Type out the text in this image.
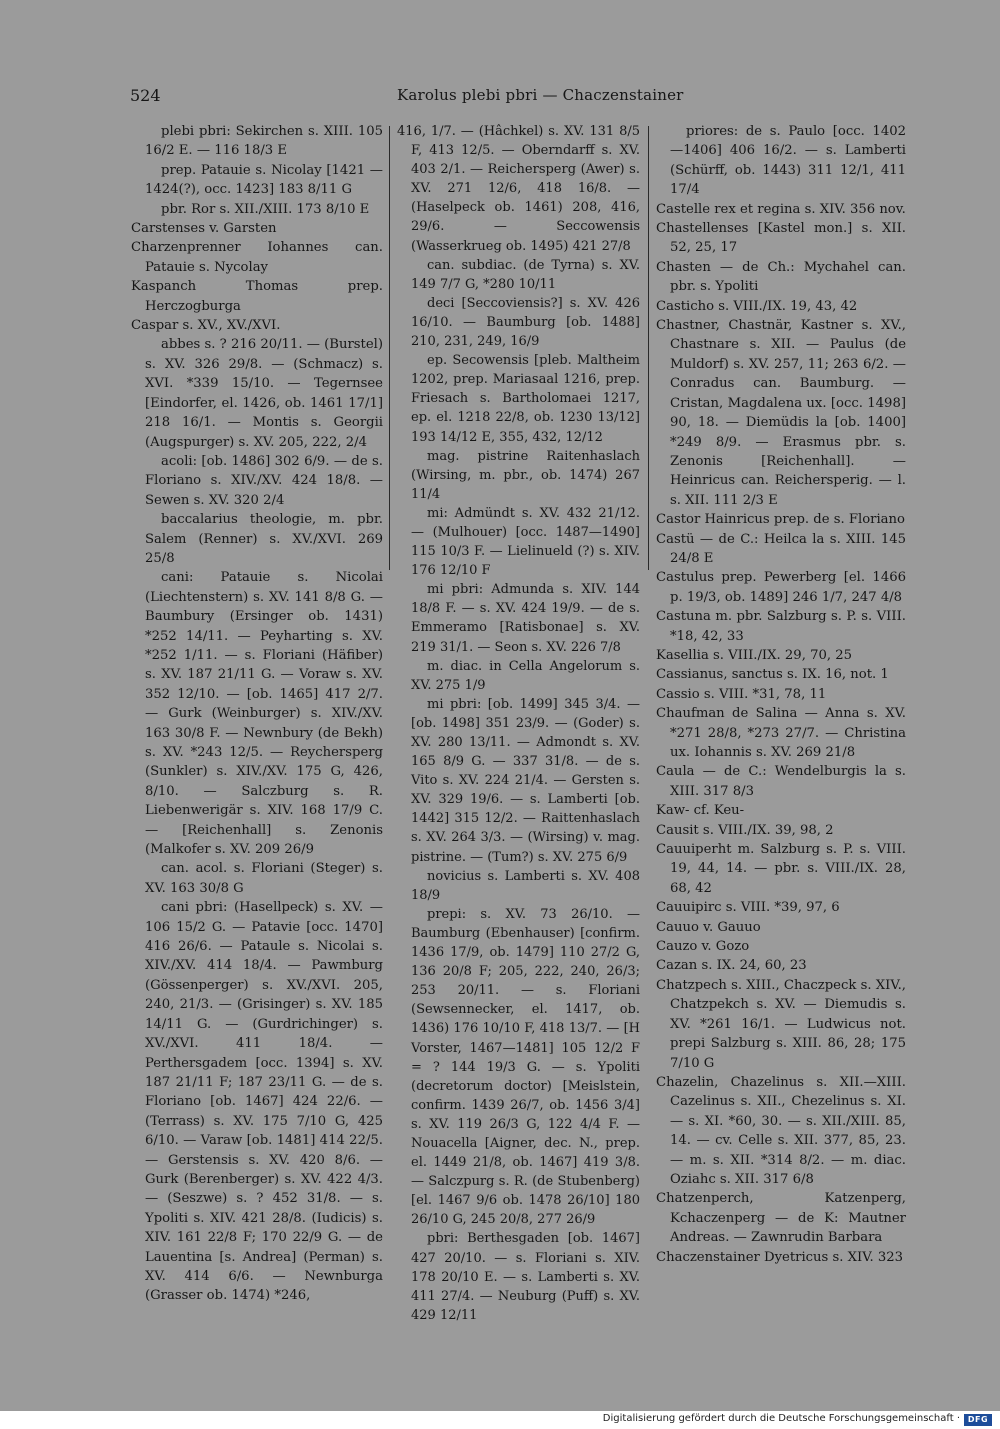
524	Karolus plebi pbri — Chaczenstainer
plebi pbri: Sekirchen s. XIII. 105 16/2 E. — 116 18/3 E
prep. Patauie s. Nicolay [1421 —1424(?), occ. 1423] 183 8/11 G
pbr. Ror s. XII./XIII. 173 8/10 E
Carstenses v. Garsten
Charzenprenner Iohannes can. Patauie s. Nycolay
Kaspanch Thomas prep. Herczogburga
Caspar s. XV., XV./XVI.
abbes s. ? 216 20/11. — (Burstel) s. XV. 326 29/8. — (Schmacz) s. XVI. *339 15/10. — Tegernsee [Eindorfer, el. 1426, ob. 1461 17/1] 218 16/1. — Montis s. Georgii (Augspurger) s. XV. 205, 222, 2/4
acoli: [ob. 1486] 302 6/9. — de s. Floriano s. XIV./XV. 424 18/8. — Sewen s. XV. 320 2/4
baccalarius theologie, m. pbr. Salem (Renner) s. XV./XVI. 269 25/8
cani: Patauie s. Nicolai (Liechtenstern) s. XV. 141 8/8 G. — Baumbury (Ersinger ob. 1431) *252 14/11. — Peyharting s. XV. *252 1/11. — s. Floriani (Häfiber) s. XV. 187 21/11 G. — Voraw s. XV. 352 12/10. — [ob. 1465] 417 2/7. — Gurk (Weinburger) s. XIV./XV. 163 30/8 F. — Newnbury (de Bekh) s. XV. *243 12/5. — Reychersperg (Sunkler) s. XIV./XV. 175 G, 426, 8/10. — Salczburg s. R. Liebenwerigär s. XIV. 168 17/9 C. — [Reichenhall] s. Zenonis (Malkofer s. XV. 209 26/9
can. acol. s. Floriani (Steger) s. XV. 163 30/8 G
cani pbri: (Hasellpeck) s. XV. — 106 15/2 G. — Patavie [occ. 1470] 416 26/6. — Pataule s. Nicolai s. XIV./XV. 414 18/4. — Pawmburg (Gössenperger) s. XV./XVI. 205, 240, 21/3. — (Grisinger) s. XV. 185 14/11 G. — (Gurdrichinger) s. XV./XVI. 411 18/4. — Perthersgadem [occ. 1394] s. XV. 187 21/11 F; 187 23/11 G. — de s. Floriano [ob. 1467] 424 22/6. — (Terrass) s. XV. 175 7/10 G, 425 6/10. — Varaw [ob. 1481] 414 22/5. — Gerstensis s. XV. 420 8/6. — Gurk (Berenberger) s. XV. 422 4/3. — (Seszwe) s. ? 452 31/8. — s. Ypoliti s. XIV. 421 28/8. (Iudicis) s. XIV. 161 22/8 F; 170 22/9 G. — de Lauentina [s. Andrea] (Perman) s. XV. 414 6/6. — Newnburga (Grasser ob. 1474) *246,
416, 1/7. — (Hâchkel) s. XV. 131 8/5 F, 413 12/5. — Oberndarff s. XV. 403 2/1. — Reichersperg (Awer) s. XV. 271 12/6, 418 16/8. — (Haselpeck ob. 1461) 208, 416, 29/6. — Seccowensis (Wasserkrueg ob. 1495) 421 27/8
can. subdiac. (de Tyrna) s. XV. 149 7/7 G, *280 10/11
deci [Seccoviensis?] s. XV. 426 16/10. — Baumburg [ob. 1488] 210, 231, 249, 16/9
ep. Secowensis [pleb. Maltheim 1202, prep. Mariasaal 1216, prep. Friesach s. Bartholomaei 1217, ep. el. 1218 22/8, ob. 1230 13/12] 193 14/12 E, 355, 432, 12/12
mag. pistrine Raitenhaslach (Wirsing, m. pbr., ob. 1474) 267 11/4
mi: Admündt s. XV. 432 21/12. — (Mulhouer) [occ. 1487—1490] 115 10/3 F. — Lielinueld (?) s. XIV. 176 12/10 F
mi pbri: Admunda s. XIV. 144 18/8 F. — s. XV. 424 19/9. — de s. Emmeramo [Ratisbonae] s. XV. 219 31/1. — Seon s. XV. 226 7/8
m. diac. in Cella Angelorum s. XV. 275 1/9
mi pbri: [ob. 1499] 345 3/4. — [ob. 1498] 351 23/9. — (Goder) s. XV. 280 13/11. — Admondt s. XV. 165 8/9 G. — 337 31/8. — de s. Vito s. XV. 224 21/4. — Gersten s. XV. 329 19/6. — s. Lamberti [ob. 1442] 315 12/2. — Raittenhaslach s. XV. 264 3/3. — (Wirsing) v. mag. pistrine. — (Tum?) s. XV. 275 6/9
novicius s. Lamberti s. XV. 408 18/9
prepi: s. XV. 73 26/10. — Baumburg (Ebenhauser) [confirm. 1436 17/9, ob. 1479] 110 27/2 G, 136 20/8 F; 205, 222, 240, 26/3; 253 20/11. — s. Floriani (Sewsennecker, el. 1417, ob. 1436) 176 10/10 F, 418 13/7. — [H Vorster, 1467—1481] 105 12/2 F = ? 144 19/3 G. — s. Ypoliti (decretorum doctor) [Meislstein, confirm. 1439 26/7, ob. 1456 3/4] s. XV. 119 26/3 G, 122 4/4 F. — Nouacella [Aigner, dec. N., prep. el. 1449 21/8, ob. 1467] 419 3/8. — Salczpurg s. R. (de Stubenberg) [el. 1467 9/6 ob. 1478 26/10] 180 26/10 G, 245 20/8, 277 26/9
pbri: Berthesgaden [ob. 1467] 427 20/10. — s. Floriani s. XIV. 178 20/10 E. — s. Lamberti s. XV. 411 27/4. — Neuburg (Puff) s. XV. 429 12/11
priores: de s. Paulo [occ. 1402 —1406] 406 16/2. — s. Lamberti (Schürff, ob. 1443) 311 12/1, 411 17/4
Castelle rex et regina s. XIV. 356 nov.
Chastellenses [Kastel mon.] s. XII. 52, 25, 17
Chasten — de Ch.: Mychahel can. pbr. s. Ypoliti
Casticho s. VIII./IX. 19, 43, 42
Chastner, Chastnär, Kastner s. XV., Chastnare s. XII. — Paulus (de Muldorf) s. XV. 257, 11; 263 6/2. — Conradus can. Baumburg. — Cristan, Magdalena ux. [occ. 1498] 90, 18. — Diemüdis la [ob. 1400] *249 8/9. — Erasmus pbr. s. Zenonis [Reichenhall]. — Heinricus can. Reichersperig. — l. s. XII. 111 2/3 E
Castor Hainricus prep. de s. Floriano
Castü — de C.: Heilca la s. XIII. 145 24/8 E
Castulus prep. Pewerberg [el. 1466 p. 19/3, ob. 1489] 246 1/7, 247 4/8
Castuna m. pbr. Salzburg s. P. s. VIII. *18, 42, 33
Kasellia s. VIII./IX. 29, 70, 25
Cassianus, sanctus s. IX. 16, not. 1
Cassio s. VIII. *31, 78, 11
Chaufman de Salina — Anna s. XV. *271 28/8, *273 27/7. — Christina ux. Iohannis s. XV. 269 21/8
Caula — de C.: Wendelburgis la s. XIII. 317 8/3
Kaw- cf. Keu-
Causit s. VIII./IX. 39, 98, 2
Cauuiperht m. Salzburg s. P. s. VIII. 19, 44, 14. — pbr. s. VIII./IX. 28, 68, 42
Cauuipirc s. VIII. *39, 97, 6
Cauuo v. Gauuo
Cauzo v. Gozo
Cazan s. IX. 24, 60, 23
Chatzpech s. XIII., Chaczpeck s. XIV., Chatzpekch s. XV. — Diemudis s. XV. *261 16/1. — Ludwicus not. prepi Salzburg s. XIII. 86, 28; 175 7/10 G
Chazelin, Chazelinus s. XII.—XIII. Cazelinus s. XII., Chezelinus s. XI. — s. XI. *60, 30. — s. XII./XIII. 85, 14. — cv. Celle s. XII. 377, 85, 23. — m. s. XII. *314 8/2. — m. diac. Oziahc s. XII. 317 6/8
Chatzenperch, Katzenperg, Kchaczenperg — de K: Mautner Andreas. — Zawnrudin Barbara
Chaczenstainer Dyetricus s. XIV. 323
Digitalisierung gefördert durch die Deutsche Forschungsgemeinschaft · DFG
